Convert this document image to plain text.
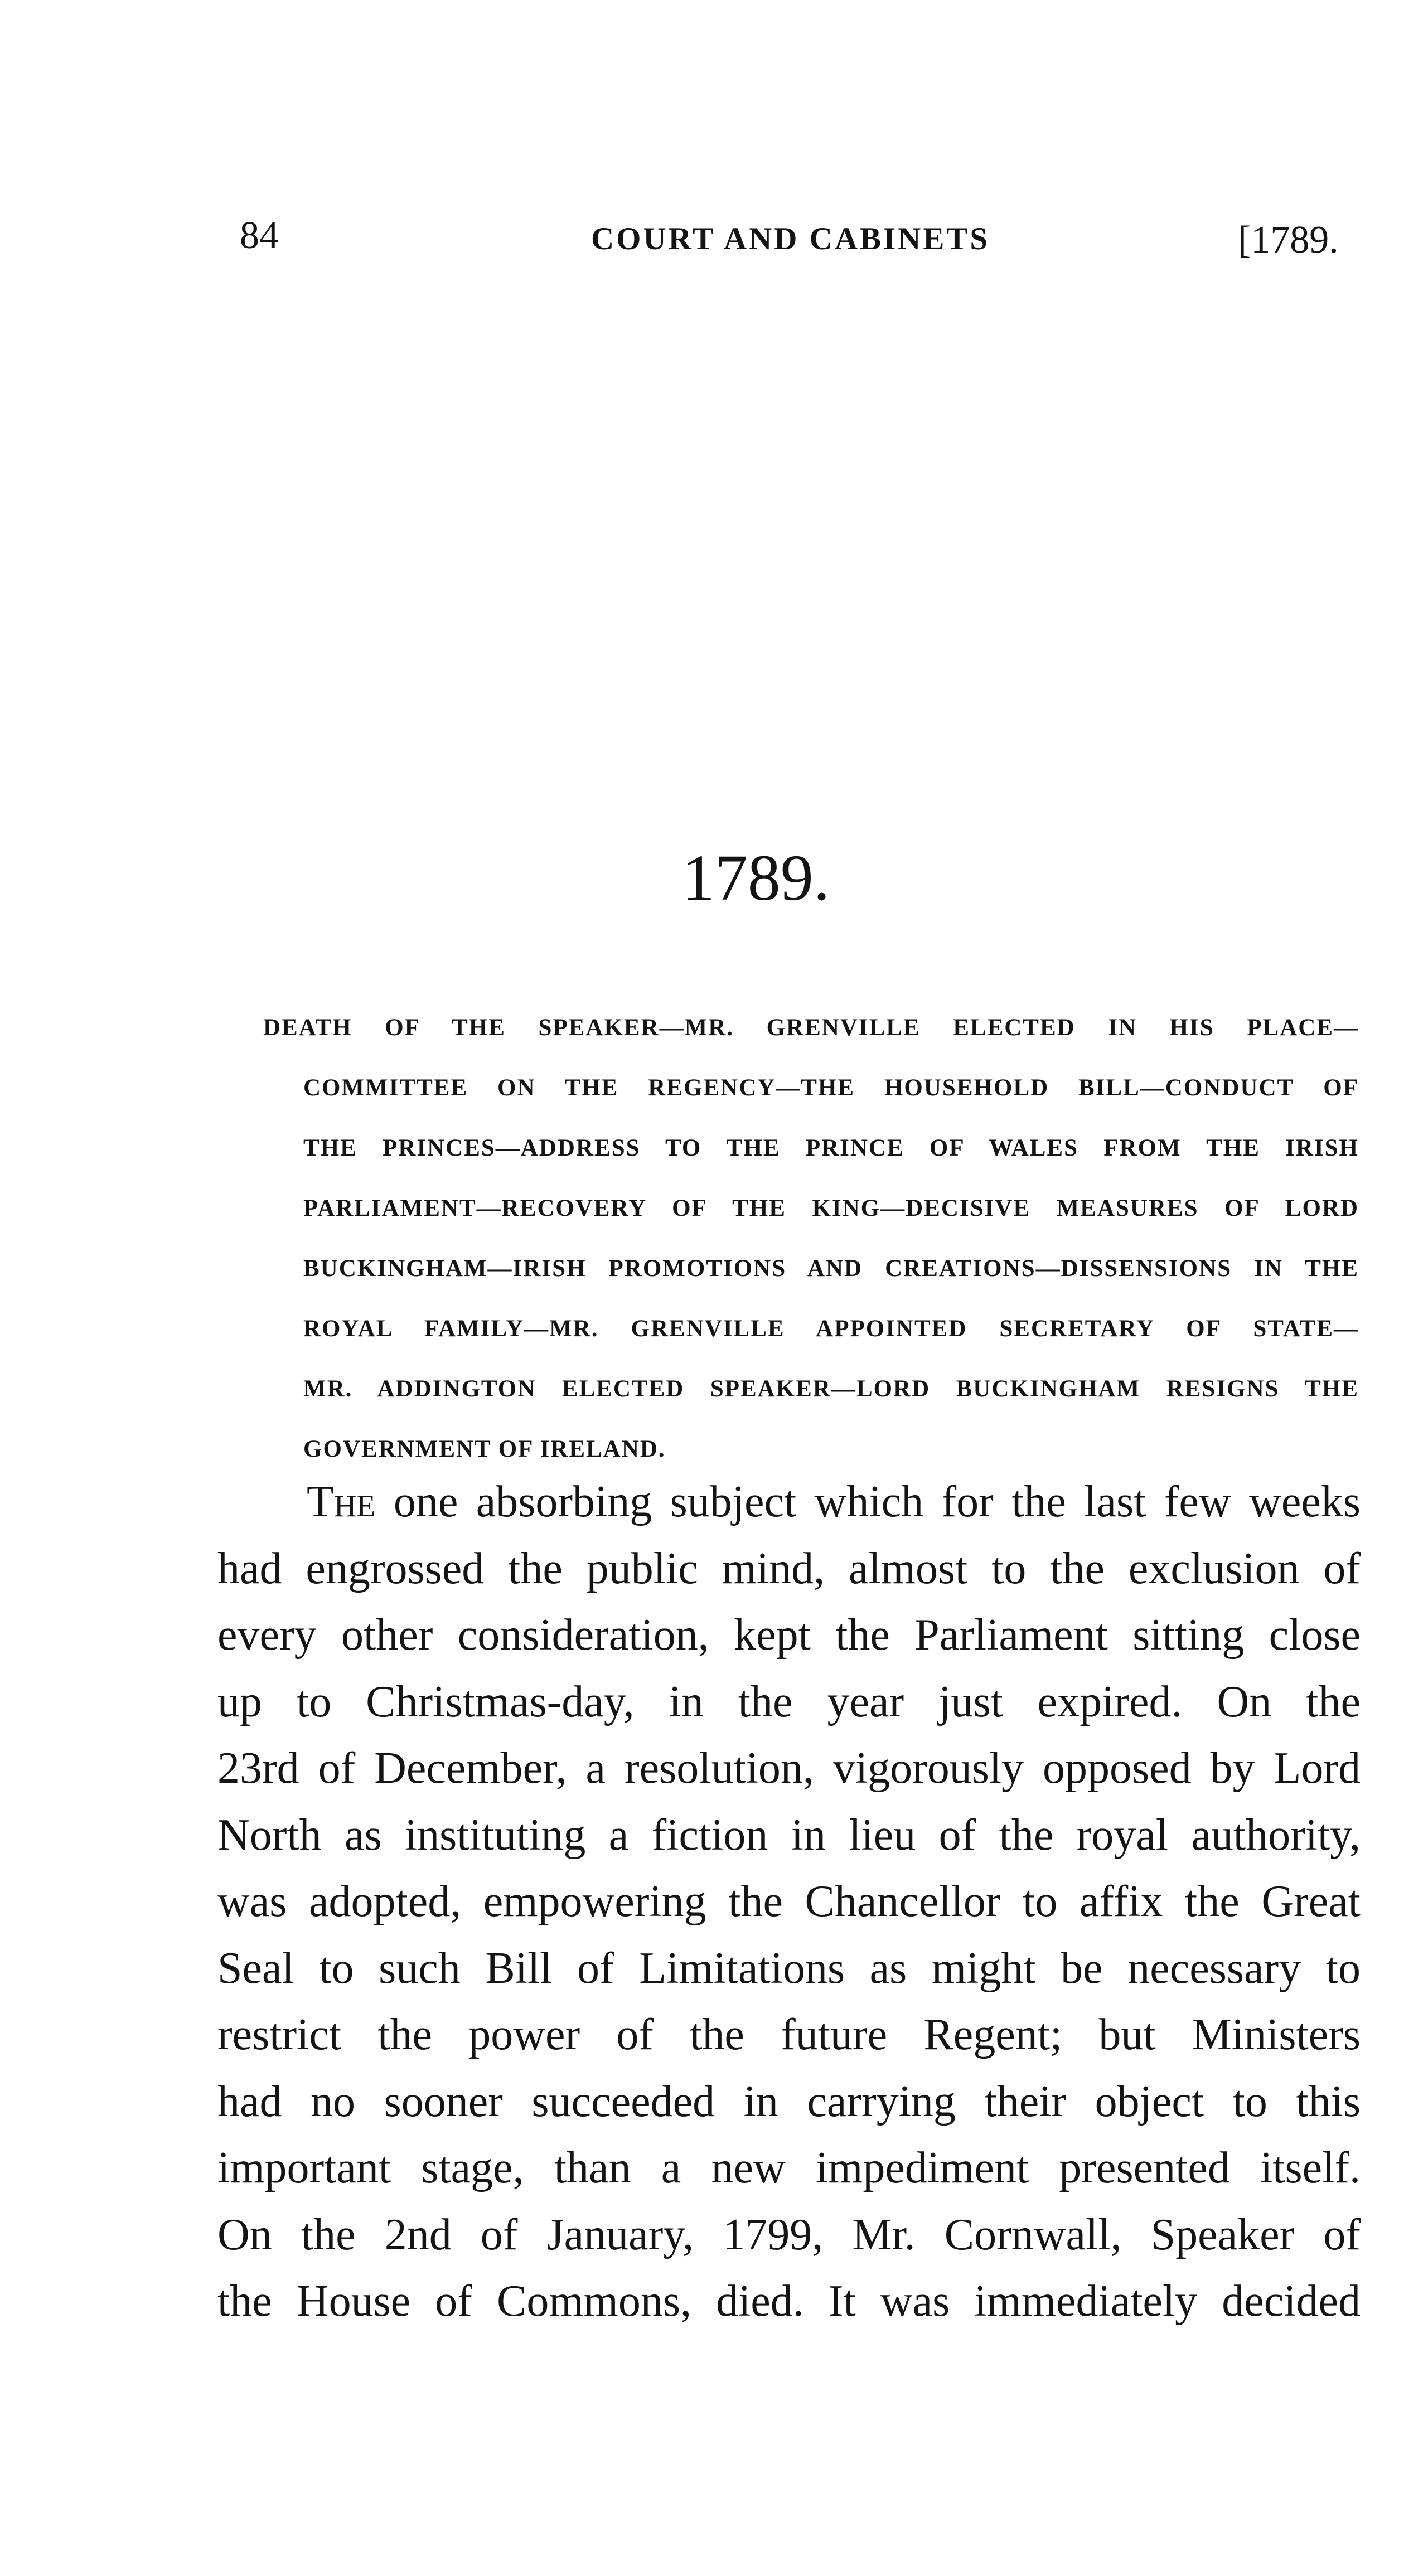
84	COURT AND CABINETS	[1789.
1789.
DEATH OF THE SPEAKER—MR. GRENVILLE ELECTED IN HIS PLACE—
COMMITTEE ON THE REGENCY—THE HOUSEHOLD BILL—CONDUCT OF
THE PRINCES—ADDRESS TO THE PRINCE OF WALES FROM THE IRISH
PARLIAMENT—RECOVERY OF THE KING—DECISIVE MEASURES OF LORD
BUCKINGHAM—IRISH PROMOTIONS AND CREATIONS—DISSENSIONS IN THE
ROYAL FAMILY—MR. GRENVILLE APPOINTED SECRETARY OF STATE—
MR. ADDINGTON ELECTED SPEAKER—LORD BUCKINGHAM RESIGNS THE
GOVERNMENT OF IRELAND.
The one absorbing subject which for the last few weeks
had engrossed the public mind, almost to the exclusion of
every other consideration, kept the Parliament sitting close
up to Christmas-day, in the year just expired. On the
23rd of December, a resolution, vigorously opposed by Lord
North as instituting a fiction in lieu of the royal authority,
was adopted, empowering the Chancellor to affix the Great
Seal to such Bill of Limitations as might be necessary to
restrict the power of the future Regent; but Ministers
had no sooner succeeded in carrying their object to this
important stage, than a new impediment presented itself.
On the 2nd of January, 1799, Mr. Cornwall, Speaker of
the House of Commons, died. It was immediately decided
